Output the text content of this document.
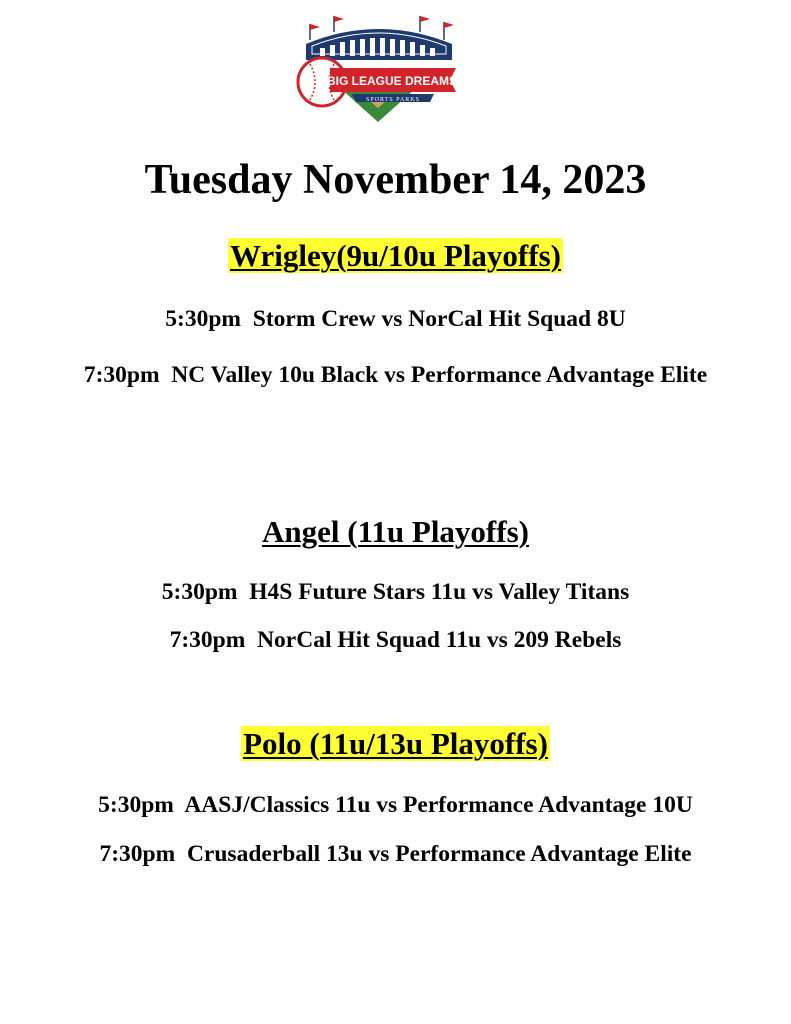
BIG LEAGUE DREAMS
SPORTS PARKS
Tuesday November 14, 2023
Wrigley(9u/10u Playoffs)
5:30pm  Storm Crew vs NorCal Hit Squad 8U
7:30pm  NC Valley 10u Black vs Performance Advantage Elite
Angel (11u Playoffs)
5:30pm  H4S Future Stars 11u vs Valley Titans
7:30pm  NorCal Hit Squad 11u vs 209 Rebels
Polo (11u/13u Playoffs)
5:30pm  AASJ/Classics 11u vs Performance Advantage 10U
7:30pm  Crusaderball 13u vs Performance Advantage Elite
